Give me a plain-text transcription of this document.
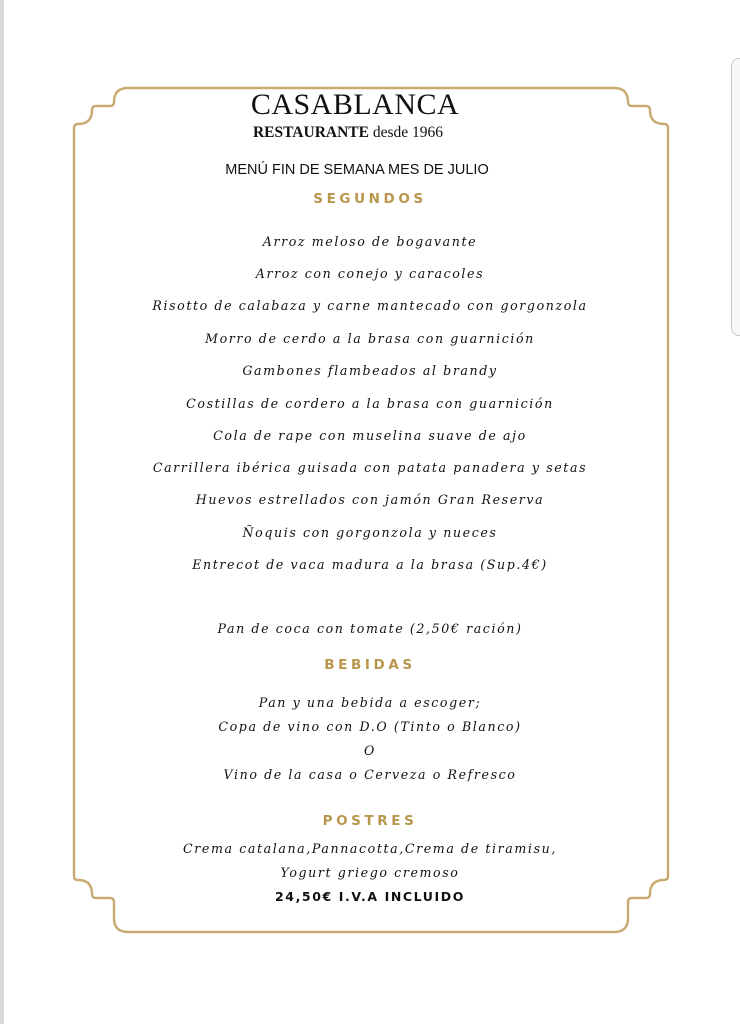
CASABLANCA
RESTAURANTE desde 1966
MENÚ FIN DE SEMANA MES DE JULIO
SEGUNDOS
Arroz meloso de bogavante
Arroz con conejo y caracoles
Risotto de calabaza y carne mantecado con gorgonzola
Morro de cerdo a la brasa con guarnición
Gambones flambeados al brandy
Costillas de cordero a la brasa con guarnición
Cola de rape con muselina suave de ajo
Carrillera ibérica guisada con patata panadera y setas
Huevos estrellados con jamón Gran Reserva
Ñoquis con gorgonzola y nueces
Entrecot de vaca madura a la brasa (Sup.4€)
Pan de coca con tomate (2,50€ ración)
BEBIDAS
Pan y una bebida a escoger;
Copa de vino con D.O (Tinto o Blanco)
O
Vino de la casa o Cerveza o Refresco
POSTRES
Crema catalana,Pannacotta,Crema de tiramisu,
Yogurt griego cremoso
24,50€ I.V.A INCLUIDO
